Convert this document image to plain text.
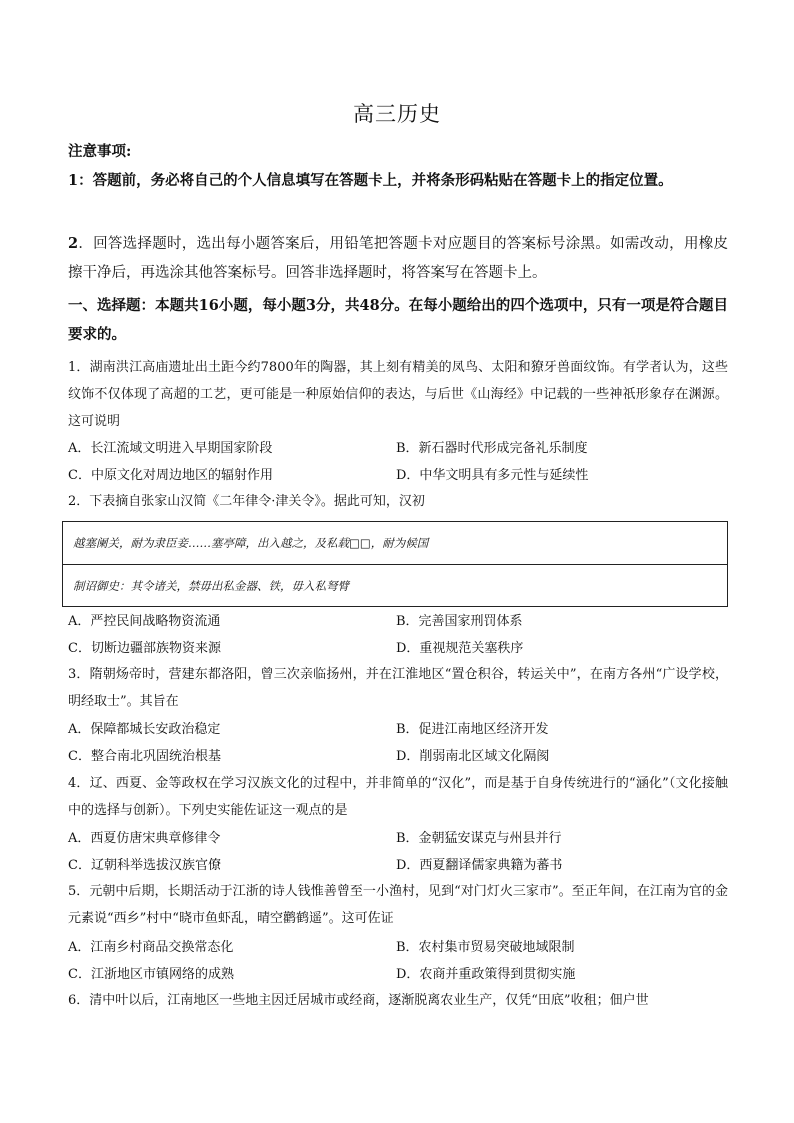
高三历史
注意事项:
1：答题前，务必将自己的个人信息填写在答题卡上，并将条形码粘贴在答题卡上的指定位置。
2．回答选择题时，选出每小题答案后，用铅笔把答题卡对应题目的答案标号涂黑。如需改动，用橡皮擦干净后，再选涂其他答案标号。回答非选择题时，将答案写在答题卡上。
一、选择题：本题共16小题，每小题3分，共48分。在每小题给出的四个选项中，只有一项是符合题目要求的。
1．湖南洪江高庙遗址出土距今约7800年的陶器，其上刻有精美的凤鸟、太阳和獠牙兽面纹饰。有学者认为，这些纹饰不仅体现了高超的工艺，更可能是一种原始信仰的表达，与后世《山海经》中记载的一些神祇形象存在渊源。这可说明
A．长江流域文明进入早期国家阶段	B．新石器时代形成完备礼乐制度
C．中原文化对周边地区的辐射作用	D．中华文明具有多元性与延续性
2．下表摘自张家山汉简《二年律令·津关令》。据此可知，汉初
越塞阑关，耐为隶臣妾……塞亭障，出入越之，及私载□□，耐为候国
制诏御史：其令诸关，禁毋出私金器、铁，毋入私弩臂
A．严控民间战略物资流通	B．完善国家刑罚体系
C．切断边疆部族物资来源	D．重视规范关塞秩序
3．隋朝炀帝时，营建东都洛阳，曾三次亲临扬州，并在江淮地区“置仓积谷，转运关中”，在南方各州“广设学校，明经取士”。其旨在
A．保障都城长安政治稳定	B．促进江南地区经济开发
C．整合南北巩固统治根基	D．削弱南北区域文化隔阂
4．辽、西夏、金等政权在学习汉族文化的过程中，并非简单的“汉化”，而是基于自身传统进行的“涵化”（文化接触中的选择与创新）。下列史实能佐证这一观点的是
A．西夏仿唐宋典章修律令	B．金朝猛安谋克与州县并行
C．辽朝科举选拔汉族官僚	D．西夏翻译儒家典籍为蕃书
5．元朝中后期，长期活动于江浙的诗人钱惟善曾至一小渔村，见到“对门灯火三家市”。至正年间，在江南为官的金元素说“西乡”村中“晓市鱼虾乱，晴空鹳鹤遥”。这可佐证
A．江南乡村商品交换常态化	B．农村集市贸易突破地域限制
C．江浙地区市镇网络的成熟	D．农商并重政策得到贯彻实施
6．清中叶以后，江南地区一些地主因迁居城市或经商，逐渐脱离农业生产，仅凭“田底”收租；佃户世
